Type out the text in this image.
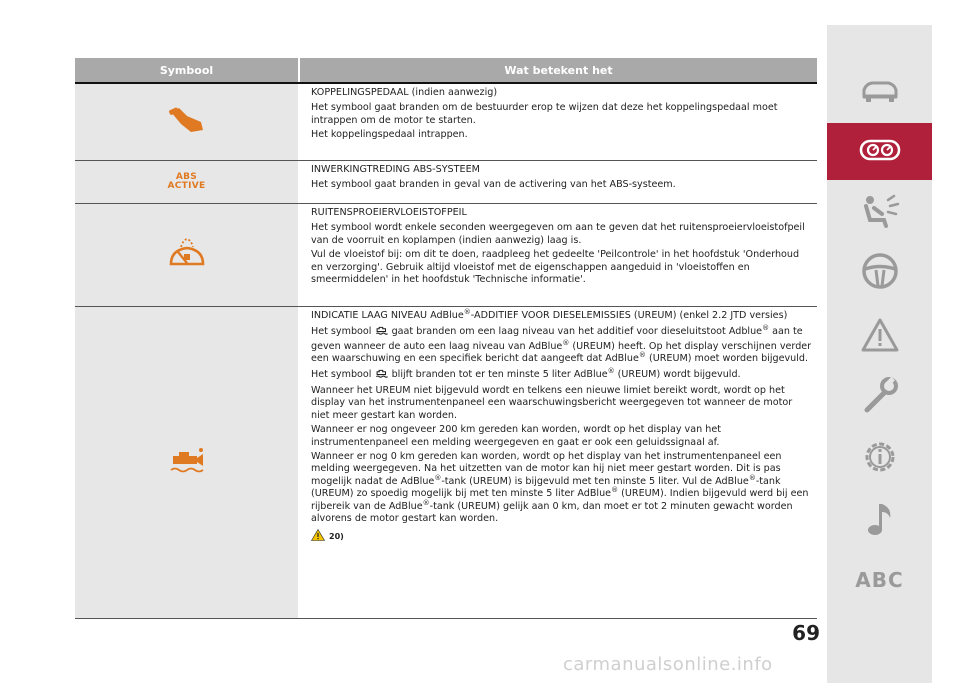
Symbool	Wat betekent het

KOPPELINGSPEDAAL (indien aanwezig)

Het symbool gaat branden om de bestuurder erop te wijzen dat deze het koppelingspedaal moet intrappen om de motor te starten.

Het koppelingspedaal intrappen.

ABS
ACTIVE

INWERKINGTREDING ABS-SYSTEEM

Het symbool gaat branden in geval van de activering van het ABS-systeem.

RUITENSPROEIERVLOEISTOFPEIL

Het symbool wordt enkele seconden weergegeven om aan te geven dat het ruitensproeiervloeistofpeil van de voorruit en koplampen (indien aanwezig) laag is.

Vul de vloeistof bij: om dit te doen, raadpleeg het gedeelte 'Peilcontrole' in het hoofdstuk 'Onderhoud en verzorging'. Gebruik altijd vloeistof met de eigenschappen aangeduid in 'vloeistoffen en smeermiddelen' in het hoofdstuk 'Technische informatie'.

INDICATIE LAAG NIVEAU AdBlue®-ADDITIEF VOOR DIESELEMISSIES (UREUM) (enkel 2.2 JTD versies)

Het symbool gaat branden om een laag niveau van het additief voor dieseluitstoot Adblue® aan te geven wanneer de auto een laag niveau van AdBlue® (UREUM) heeft. Op het display verschijnen verder een waarschuwing en een specifiek bericht dat aangeeft dat AdBlue® (UREUM) moet worden bijgevuld.

Het symbool blijft branden tot er ten minste 5 liter AdBlue® (UREUM) wordt bijgevuld.

Wanneer het UREUM niet bijgevuld wordt en telkens een nieuwe limiet bereikt wordt, wordt op het display van het instrumentenpaneel een waarschuwingsbericht weergegeven tot wanneer de motor niet meer gestart kan worden.

Wanneer er nog ongeveer 200 km gereden kan worden, wordt op het display van het instrumentenpaneel een melding weergegeven en gaat er ook een geluidssignaal af.

Wanneer er nog 0 km gereden kan worden, wordt op het display van het instrumentenpaneel een melding weergegeven. Na het uitzetten van de motor kan hij niet meer gestart worden. Dit is pas mogelijk nadat de AdBlue®-tank (UREUM) is bijgevuld met ten minste 5 liter. Vul de AdBlue®-tank (UREUM) zo spoedig mogelijk bij met ten minste 5 liter AdBlue® (UREUM). Indien bijgevuld werd bij een rijbereik van de AdBlue®-tank (UREUM) gelijk aan 0 km, dan moet er tot 2 minuten gewacht worden alvorens de motor gestart kan worden.

20)
69
ABC
carmanualsonline.info
